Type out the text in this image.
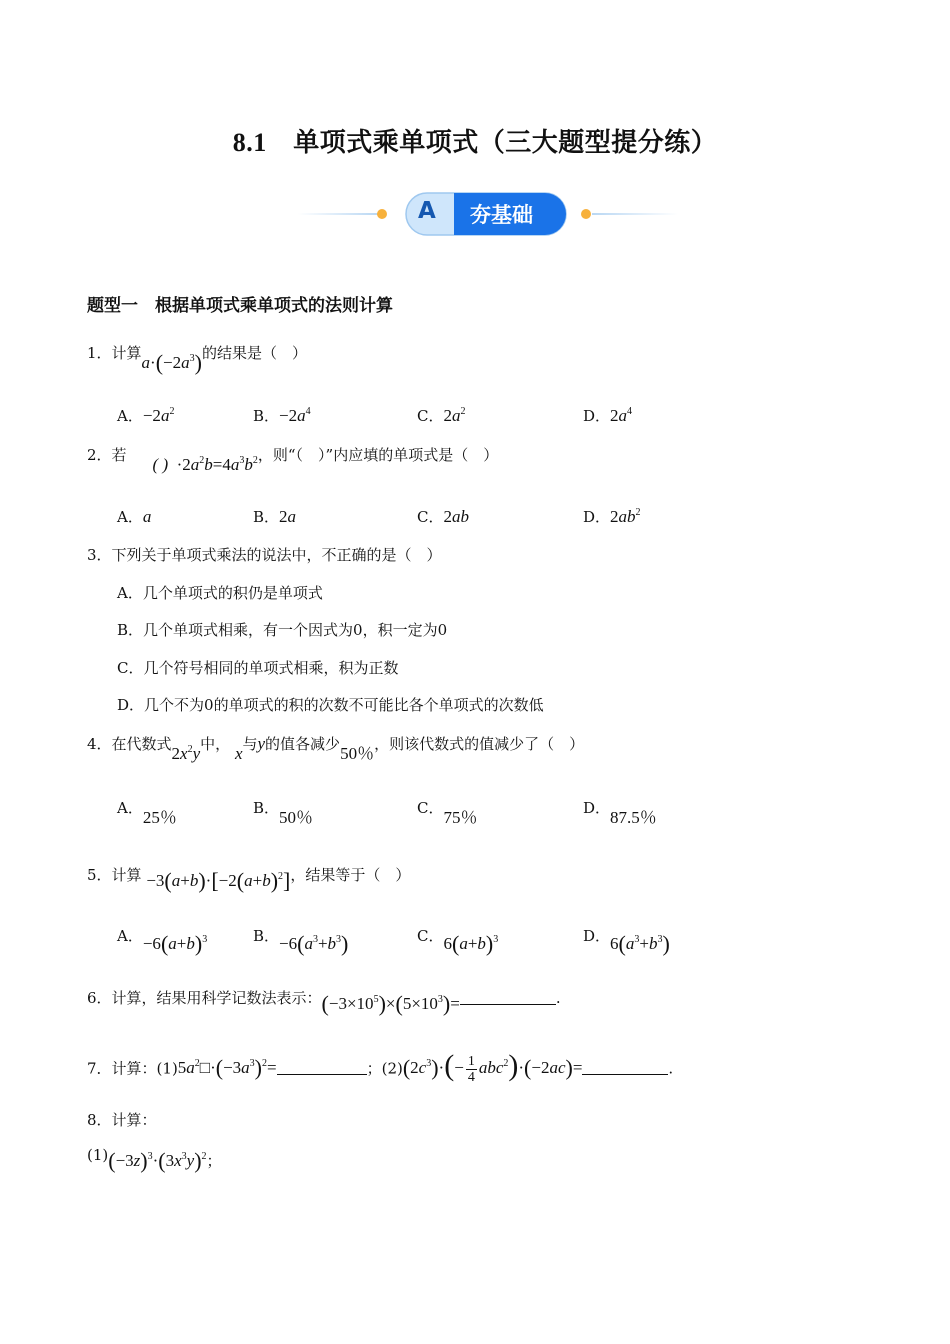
8.1　单项式乘单项式（三大题型提分练）
A 夯基础
题型一　根据单项式乘单项式的法则计算
1．计算$a\cdot(-2a^3)$的结果是（　）
A．$-2a^2$	B．$-2a^4$	C．$2a^2$	D．$2a^4$
2．若 ( )  $\cdot 2a^2b=4a^3b^2$，则“（　）”内应填的单项式是（　）
A．a	B．2a	C．2ab	D．$2ab^2$
3．下列关于单项式乘法的说法中，不正确的是（　）
A．几个单项式的积仍是单项式
B．几个单项式相乘，有一个因式为0，积一定为0
C．几个符号相同的单项式相乘，积为正数
D．几个不为0的单项式的积的次数不可能比各个单项式的次数低
4．在代数式$2x^2y$中， x与y的值各减少50％，则该代数式的值减少了（　）
A．25％	B．50％	C．75％	D．87.5％
5．计算 $-3(a+b)\cdot[-2(a+b)^2]$，结果等于（　）
A．$-6(a+b)^3$	B．$-6(a^3+b^3)$	C．$6(a+b)^3$	D．$6(a^3+b^3)$
6．计算，结果用科学记数法表示：$(-3\times 10^5)\times(5\times 10^3)=$	.
7．计算：$(1)5a^2□\cdot(-3a^3)^2=$	；$(2)(2c^3)\cdot(- \frac{1}{4} abc^2)\cdot(-2ac)=$	.
8．计算：
$(1)(-3z)^3\cdot(3x^3y)^2$；
